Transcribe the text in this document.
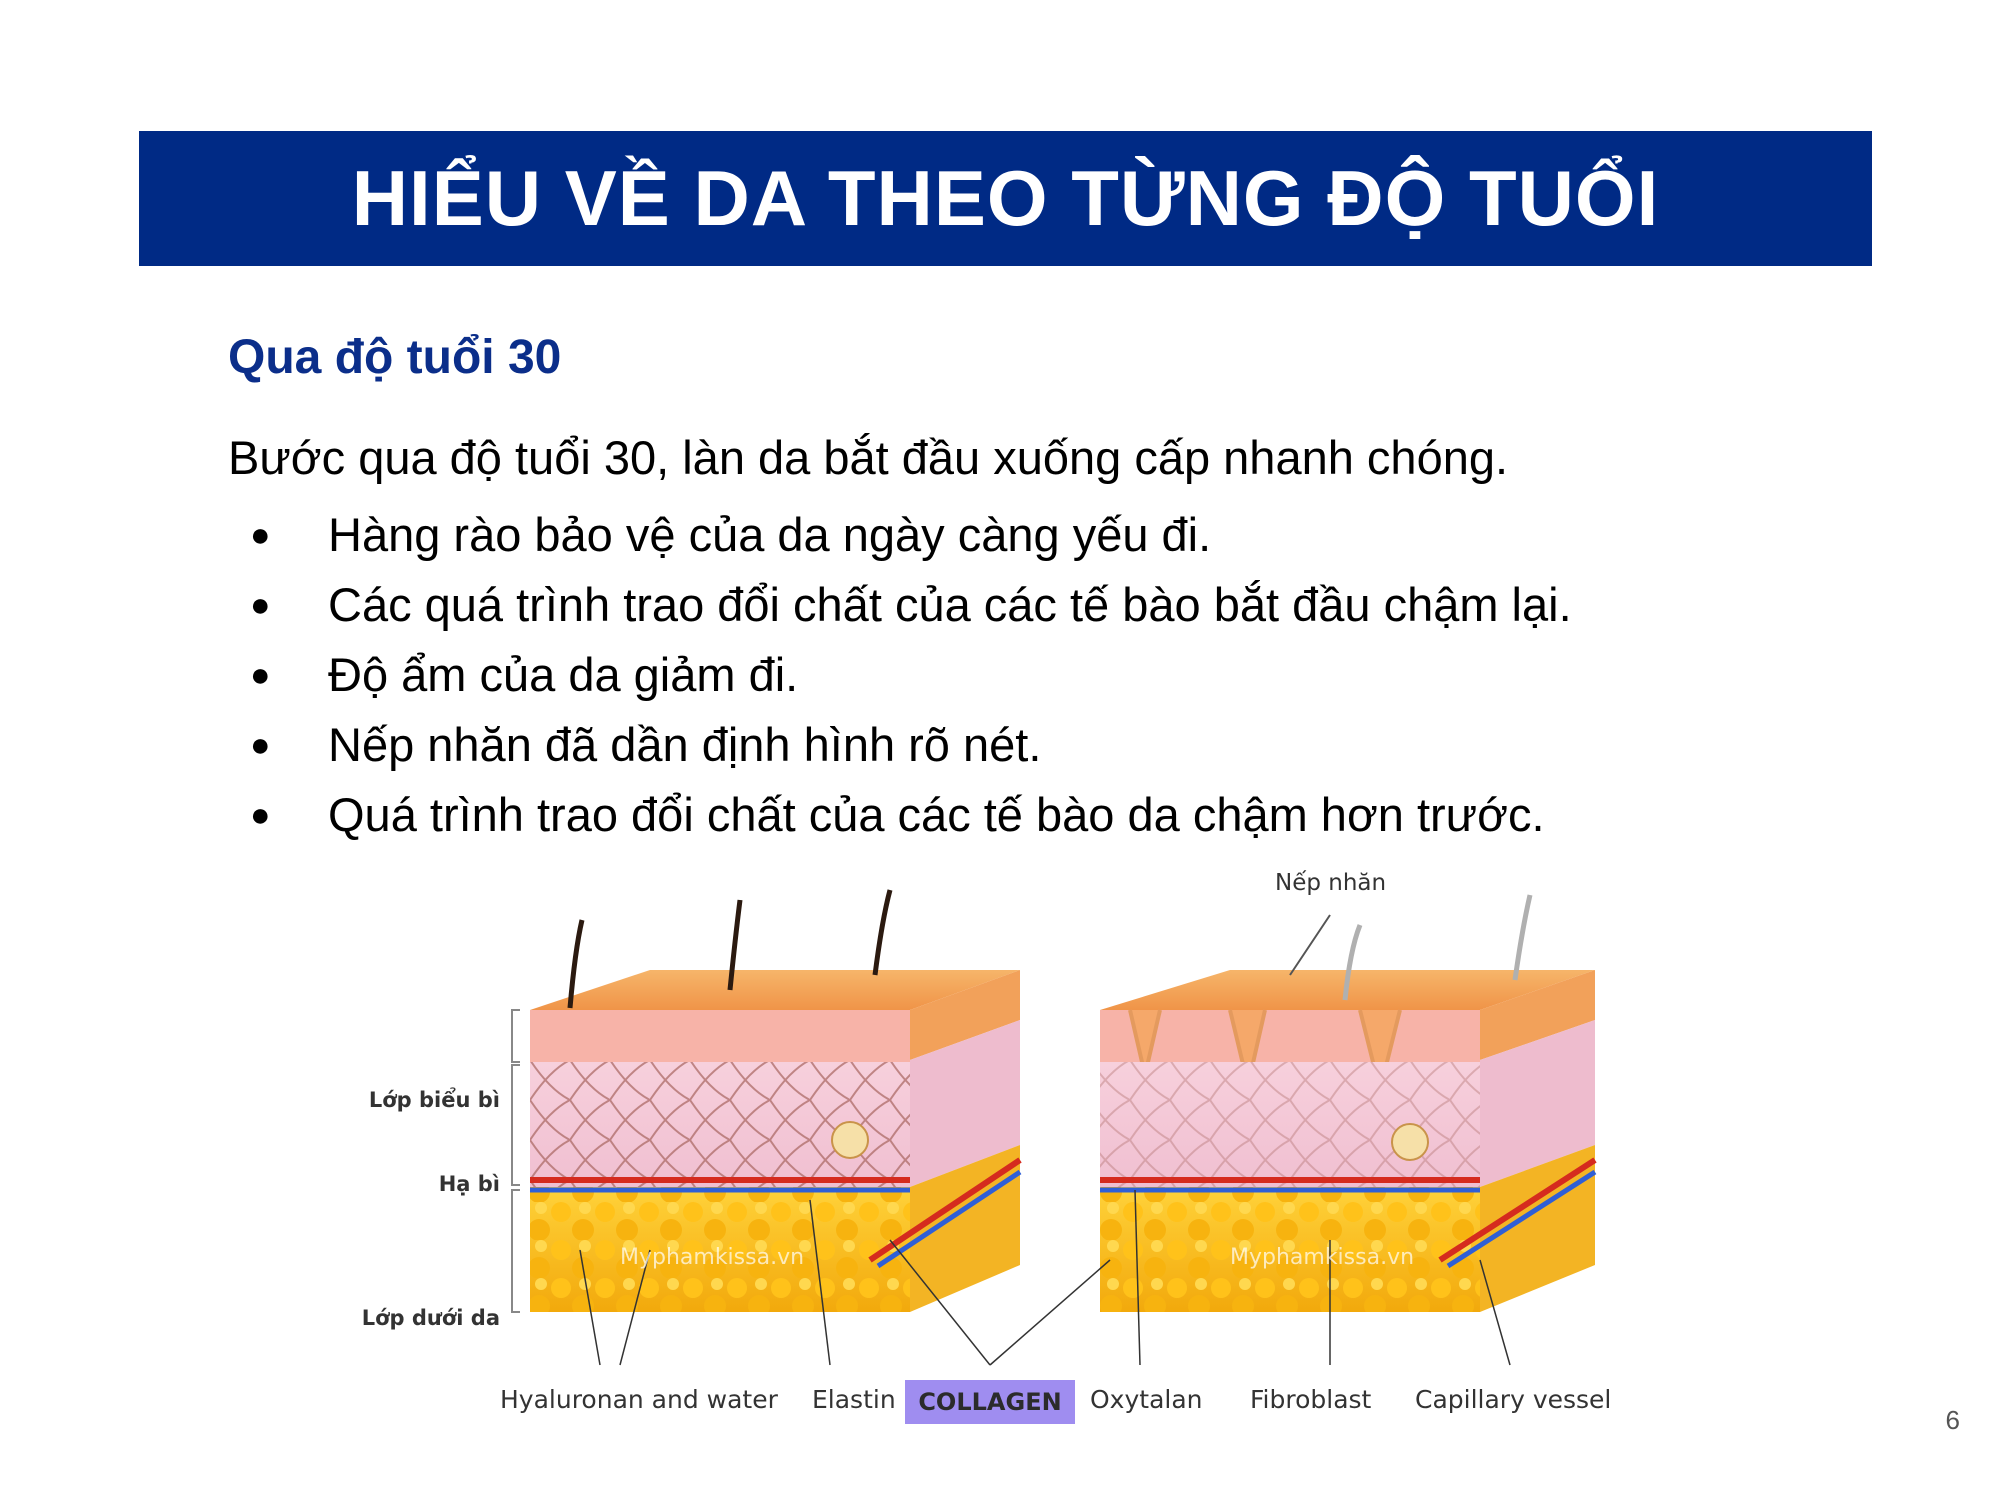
HIỂU VỀ DA THEO TỪNG ĐỘ TUỔI
Qua độ tuổi 30
Bước qua độ tuổi 30, làn da bắt đầu xuống cấp nhanh chóng.
● Hàng rào bảo vệ của da ngày càng yếu đi.
● Các quá trình trao đổi chất của các tế bào bắt đầu chậm lại.
● Độ ẩm của da giảm đi.
● Nếp nhăn đã dần định hình rõ nét.
● Quá trình trao đổi chất của các tế bào da chậm hơn trước.
Lớp biểu bì
Hạ bì
Lớp dưới da
Nếp nhăn
Myphamkissa.vn	Myphamkissa.vn
Hyaluronan and water Elastin COLLAGEN Oxytalan Fibroblast Capillary vessel
6
